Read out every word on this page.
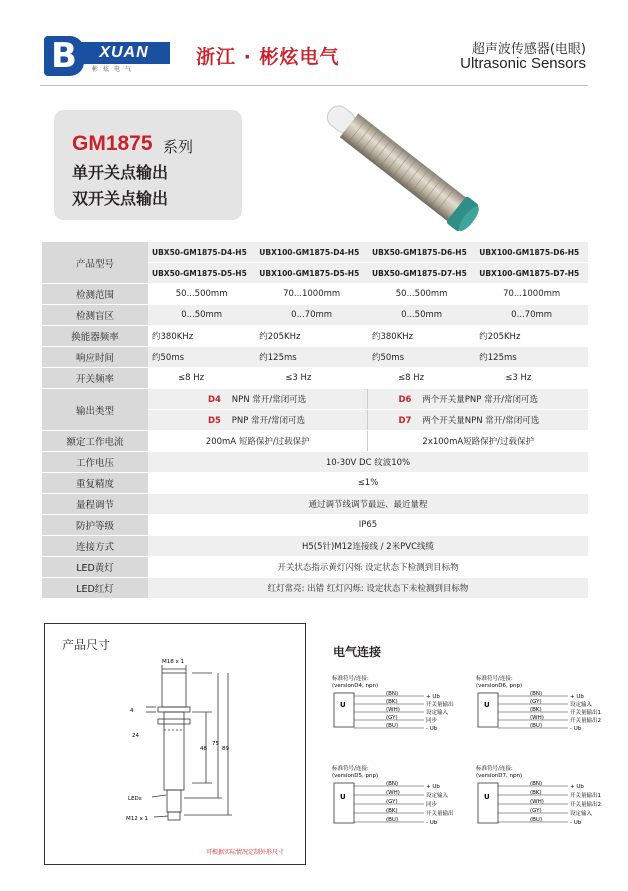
B	XUAN
彬炫电气
浙江 · 彬炫电气	超声波传感器(电眼)
Ultrasonic Sensors
GM1875 系列
单开关点输出
双开关点输出
产品型号	UBX50-GM1875-D4-H5	UBX100-GM1875-D4-H5	UBX50-GM1875-D6-H5	UBX100-GM1875-D6-H5
	UBX50-GM1875-D5-H5	UBX100-GM1875-D5-H5	UBX50-GM1875-D7-H5	UBX100-GM1875-D7-H5
检测范围	50...500mm	70...1000mm	50...500mm	70...1000mm
检测盲区	0...50mm	0...70mm	0...50mm	0...70mm
换能器频率	约380KHz	约205KHz	约380KHz	约205KHz
响应时间	约50ms	约125ms	约50ms	约125ms
开关频率	≤8 Hz	≤3 Hz	≤8 Hz	≤3 Hz
输出类型	D4 NPN 常开/常闭可选		D6 两个开关量PNP 常开/常闭可选	
	D5 PNP 常开/常闭可选		D7 两个开关量NPN 常开/常闭可选	
额定工作电流	200mA 短路保护/过载保护		2x100mA短路保护/过载保护	
工作电压	10-30V DC 纹波10%			
重复精度	≤1%			
量程调节	通过调节线调节最远、最近量程			
防护等级	IP65			
连接方式	H5(5针)M12连接线 / 2米PVC线缆			
LED黄灯	开关状态指示黄灯闪烁 设定状态下检测到目标物			
LED红灯	红灯常亮: 出错 红灯闪烁: 设定状态下未检测到目标物			
产品尺寸
M18 x 1
4
24
48
75
89
LEDs
M12 x 1
可根据实际情况定制外形尺寸
电气连接
标准符号/连接:
(versionD4, npn)
U
(BN)
(BK)
(WH)
(GY)
(BU)
+ Ub
开关量输出
设定输入
同步
- Ub
标准符号/连接:
(versionD6, pnp)
U
(BN)
(GY)
(BK)
(WH)
(BU)
+ Ub
设定输入
开关量输出1
开关量输出2
- Ub
标准符号/连接:
(versionD5, pnp)
U
(BN)
(WH)
(GY)
(BK)
(BU)
+ Ub
设定输入
同步
开关量输出
- Ub
标准符号/连接:
(versionD7, npn)
U
(BN)
(BK)
(WH)
(GY)
(BU)
+ Ub
开关量输出1
开关量输出2
设定输入
- Ub
